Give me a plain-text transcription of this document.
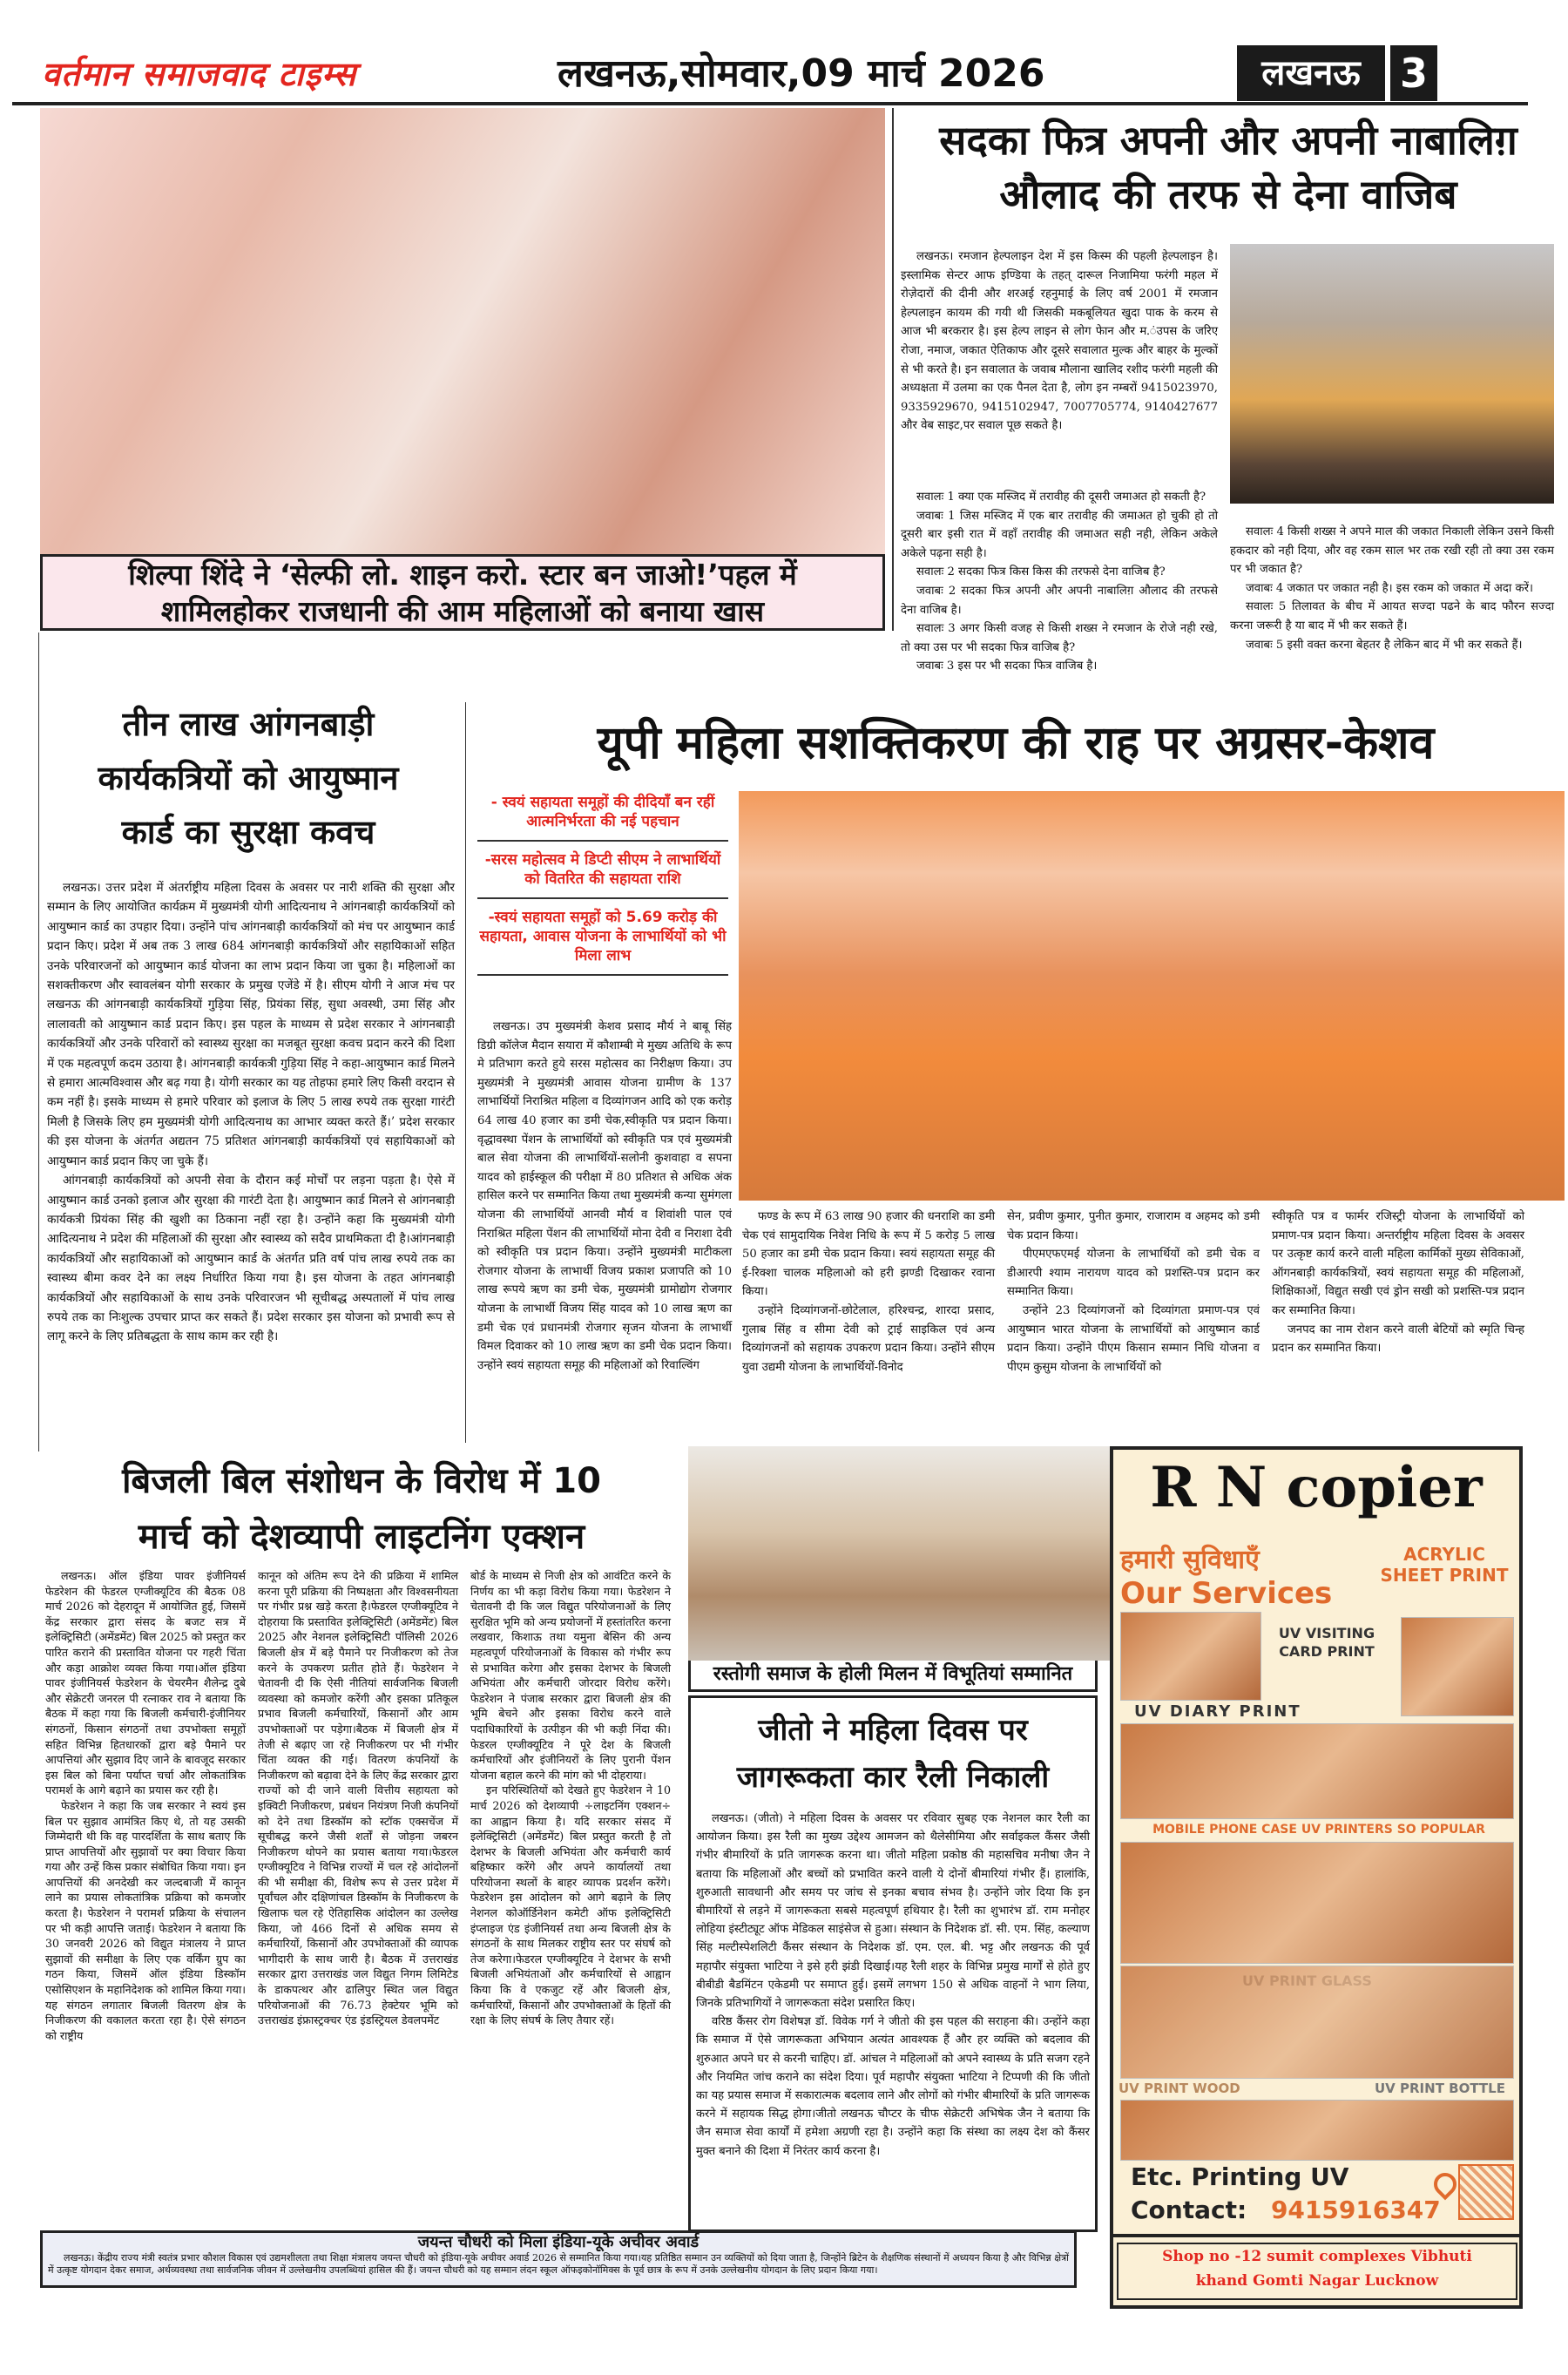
वर्तमान समाजवाद टाइम्स	लखनऊ,सोमवार,09 मार्च 2026	लखनऊ 3
शिल्पा शिंदे ने ‘सेल्फी लो. शाइन करो. स्टार बन जाओ!’पहल में
शामिलहोकर राजधानी की आम महिलाओं को बनाया खास
सदका फित्र अपनी और अपनी नाबालिग़
औलाद की तरफ से देना वाजिब

लखनऊ। रमजान हेल्पलाइन देश में इस किस्म की पहली हेल्पलाइन है। इस्लामिक सेन्टर आफ इण्डिया के तहत् दारूल निजामिया फरंगी महल में रोज़ेदारों की दीनी और शरअई रहनुमाई के लिए वर्ष 2001 में रमजान हेल्पलाइन कायम की गयी थी जिसकी मकबूलियत खुदा पाक के करम से आज भी बरकरार है। इस हेल्प लाइन से लोग फेान और म.ंउपस के जरिए रोजा, नमाज, जकात ऐतिकाफ और दूसरे सवालात मुल्क और बाहर के मुल्कों से भी करते है। इन सवालात के जवाब मौलाना खालिद रशीद फरंगी महली की अध्यक्षता में उलमा का एक पैनल देता है, लोग इन नम्बरों 9415023970, 9335929670, 9415102947, 7007705774, 9140427677 और वेब साइट,पर सवाल पूछ सकते है।

सवालः 1 क्या एक मस्जिद में तरावीह की दूसरी जमाअत हो सकती है?

जवाबः 1 जिस मस्जिद में एक बार तरावीह की जमाअत हो चुकी हो तो दूसरी बार इसी रात में वहाँ तरावीह की जमाअत सही नही, लेकिन अकेले अकेले पढ़ना सही है।

सवालः 2 सदका फित्र किस किस की तरफसे देना वाजिब है?

जवाबः 2 सदका फित्र अपनी और अपनी नाबालिग़ औलाद की तरफसे देना वाजिब है।

सवालः 3 अगर किसी वजह से किसी शख्स ने रमजान के रोजे नही रखे, तो क्या उस पर भी सदका फित्र वाजिब है?

जवाबः 3 इस पर भी सदका फित्र वाजिब है।

सवालः 4 किसी शख्स ने अपने माल की जकात निकाली लेकिन उसने किसी हकदार को नही दिया, और वह रकम साल भर तक रखी रही तो क्या उस रकम पर भी जकात है?

जवाबः 4 जकात पर जकात नही है। इस रकम को जकात में अदा करें।

सवालः 5 तिलावत के बीच में आयत सज्दा पढने के बाद फौरन सज्दा करना जरूरी है या बाद में भी कर सकते हैं।

जवाबः 5 इसी वक्त करना बेहतर है लेकिन बाद में भी कर सकते हैं।

तीन लाख आंगनबाड़ी
कार्यकत्रियों को आयुष्मान
कार्ड का सुरक्षा कवच

लखनऊ। उत्तर प्रदेश में अंतर्राष्ट्रीय महिला दिवस के अवसर पर नारी शक्ति की सुरक्षा और सम्मान के लिए आयोजित कार्यक्रम में मुख्यमंत्री योगी आदित्यनाथ ने आंगनबाड़ी कार्यकत्रियों को आयुष्मान कार्ड का उपहार दिया। उन्होंने पांच आंगनबाड़ी कार्यकत्रियों को मंच पर आयुष्मान कार्ड प्रदान किए। प्रदेश में अब तक 3 लाख 684 आंगनबाड़ी कार्यकत्रियों और सहायिकाओं सहित उनके परिवारजनों को आयुष्मान कार्ड योजना का लाभ प्रदान किया जा चुका है। महिलाओं का सशक्तीकरण और स्वावलंबन योगी सरकार के प्रमुख एजेंडे में है। सीएम योगी ने आज मंच पर लखनऊ की आंगनबाड़ी कार्यकत्रियों गुड़िया सिंह, प्रियंका सिंह, सुधा अवस्थी, उमा सिंह और लालावती को आयुष्मान कार्ड प्रदान किए। इस पहल के माध्यम से प्रदेश सरकार ने आंगनबाड़ी कार्यकत्रियों और उनके परिवारों को स्वास्थ्य सुरक्षा का मजबूत सुरक्षा कवच प्रदान करने की दिशा में एक महत्वपूर्ण कदम उठाया है। आंगनबाड़ी कार्यकत्री गुड़िया सिंह ने कहा-आयुष्मान कार्ड मिलने से हमारा आत्मविश्वास और बढ़ गया है। योगी सरकार का यह तोहफा हमारे लिए किसी वरदान से कम नहीं है। इसके माध्यम से हमारे परिवार को इलाज के लिए 5 लाख रुपये तक सुरक्षा गारंटी मिली है जिसके लिए हम मुख्यमंत्री योगी आदित्यनाथ का आभार व्यक्त करते हैं।’ प्रदेश सरकार की इस योजना के अंतर्गत अद्यतन 75 प्रतिशत आंगनबाड़ी कार्यकत्रियों एवं सहायिकाओं को आयुष्मान कार्ड प्रदान किए जा चुके हैं।

आंगनबाड़ी कार्यकत्रियों को अपनी सेवा के दौरान कई मोर्चों पर लड़ना पड़ता है। ऐसे में आयुष्मान कार्ड उनको इलाज और सुरक्षा की गारंटी देता है। आयुष्मान कार्ड मिलने से आंगनबाड़ी कार्यकत्री प्रियंका सिंह की खुशी का ठिकाना नहीं रहा है। उन्होंने कहा कि मुख्यमंत्री योगी आदित्यनाथ ने प्रदेश की महिलाओं की सुरक्षा और स्वास्थ्य को सदैव प्राथमिकता दी है।आंगनबाड़ी कार्यकत्रियों और सहायिकाओं को आयुष्मान कार्ड के अंतर्गत प्रति वर्ष पांच लाख रुपये तक का स्वास्थ्य बीमा कवर देने का लक्ष्य निर्धारित किया गया है। इस योजना के तहत आंगनबाड़ी कार्यकत्रियों और सहायिकाओं के साथ उनके परिवारजन भी सूचीबद्ध अस्पतालों में पांच लाख रुपये तक का निःशुल्क उपचार प्राप्त कर सकते हैं। प्रदेश सरकार इस योजना को प्रभावी रूप से लागू करने के लिए प्रतिबद्धता के साथ काम कर रही है।

यूपी महिला सशक्तिकरण की राह पर अग्रसर-केशव
- स्वयं सहायता समूहों की दीदियाँ बन रहीं आत्मनिर्भरता की नई पहचान
-सरस महोत्सव मे डिप्टी सीएम ने लाभार्थियों को वितरित की सहायता राशि
-स्वयं सहायता समूहों को 5.69 करोड़ की सहायता, आवास योजना के लाभार्थियों को भी मिला लाभ

लखनऊ। उप मुख्यमंत्री केशव प्रसाद मौर्य ने बाबू सिंह डिग्री कॉलेज मैदान सयारा में कौशाम्बी मे मुख्य अतिथि के रूप मे प्रतिभाग करते हुये सरस महोत्सव का निरीक्षण किया। उप मुख्यमंत्री ने मुख्यमंत्री आवास योजना ग्रामीण के 137 लाभार्थियों निराश्रित महिला व दिव्यांगजन आदि को एक करोड़ 64 लाख 40 हजार का डमी चेक,स्वीकृति पत्र प्रदान किया। वृद्धावस्था पेंशन के लाभार्थियों को स्वीकृति पत्र एवं मुख्यमंत्री बाल सेवा योजना की लाभार्थियों-सलोनी कुशवाहा व सपना यादव को हाईस्कूल की परीक्षा में 80 प्रतिशत से अधिक अंक हासिल करने पर सम्मानित किया तथा मुख्यमंत्री कन्या सुमंगला योजना की लाभार्थियों आनवी मौर्य व शिवांशी पाल एवं निराश्रित महिला पेंशन की लाभार्थियों मोना देवी व निराशा देवी को स्वीकृति पत्र प्रदान किया। उन्होंने मुख्यमंत्री माटीकला रोजगार योजना के लाभार्थी विजय प्रकाश प्रजापति को 10 लाख रूपये ऋण का डमी चेक, मुख्यमंत्री ग्रामोद्योग रोजगार योजना के लाभार्थी विजय सिंह यादव को 10 लाख ऋण का डमी चेक एवं प्रधानमंत्री रोजगार सृजन योजना के लाभार्थी विमल दिवाकर को 10 लाख ऋण का डमी चेक प्रदान किया। उन्होंने स्वयं सहायता समूह की महिलाओं को रिवाल्विंग

फण्ड के रूप में 63 लाख 90 हजार की धनराशि का डमी चेक एवं सामुदायिक निवेश निधि के रूप में 5 करोड़ 5 लाख 50 हजार का डमी चेक प्रदान किया। स्वयं सहायता समूह की ई-रिक्शा चालक महिलाओ को हरी झण्डी दिखाकर रवाना किया।

उन्होंने दिव्यांगजनों-छोटेलाल, हरिश्चन्द्र, शारदा प्रसाद, गुलाब सिंह व सीमा देवी को ट्राई साइकिल एवं अन्य दिव्यांगजनों को सहायक उपकरण प्रदान किया। उन्होंने सीएम युवा उद्यमी योजना के लाभार्थियों-विनोद

सेन, प्रवीण कुमार, पुनीत कुमार, राजाराम व अहमद को डमी चेक प्रदान किया।

पीएमएफएमई योजना के लाभार्थियों को डमी चेक व डीआरपी श्याम नारायण यादव को प्रशस्ति-पत्र प्रदान कर सम्मानित किया।

उन्होंने 23 दिव्यांगजनों को दिव्यांगता प्रमाण-पत्र एवं आयुष्मान भारत योजना के लाभार्थियों को आयुष्मान कार्ड प्रदान किया। उन्होंने पीएम किसान सम्मान निधि योजना व पीएम कुसुम योजना के लाभार्थियों को

स्वीकृति पत्र व फार्मर रजिस्ट्री योजना के लाभार्थियों को प्रमाण-पत्र प्रदान किया। अन्तर्राष्ट्रीय महिला दिवस के अवसर पर उत्कृष्ट कार्य करने वाली महिला कार्मिकों मुख्य सेविकाओं, ऑगनबाड़ी कार्यकत्रियों, स्वयं सहायता समूह की महिलाओं, शिक्षिकाओं, विद्युत सखी एवं ड्रोन सखी को प्रशस्ति-पत्र प्रदान कर सम्मानित किया।

जनपद का नाम रोशन करने वाली बेटियों को स्मृति चिन्ह प्रदान कर सम्मानित किया।

बिजली बिल संशोधन के विरोध में 10
मार्च को देशव्यापी लाइटनिंग एक्शन

लखनऊ। ऑल इंडिया पावर इंजीनियर्स फेडरेशन की फेडरल एग्जीक्यूटिव की बैठक 08 मार्च 2026 को देहरादून में आयोजित हुई, जिसमें केंद्र सरकार द्वारा संसद के बजट सत्र में इलेक्ट्रिसिटी (अमेंडमेंट) बिल 2025 को प्रस्तुत कर पारित कराने की प्रस्तावित योजना पर गहरी चिंता और कड़ा आक्रोश व्यक्त किया गया।ऑल इंडिया पावर इंजीनियर्स फेडरेशन के चेयरमैन शैलेन्द्र दुबे और सेक्रेटरी जनरल पी रत्नाकर राव ने बताया कि बैठक में कहा गया कि बिजली कर्मचारी-इंजीनियर संगठनों, किसान संगठनों तथा उपभोक्ता समूहों सहित विभिन्न हितधारकों द्वारा बड़े पैमाने पर आपत्तियां और सुझाव दिए जाने के बावजूद सरकार इस बिल को बिना पर्याप्त चर्चा और लोकतांत्रिक परामर्श के आगे बढ़ाने का प्रयास कर रही है।

फेडरेशन ने कहा कि जब सरकार ने स्वयं इस बिल पर सुझाव आमंत्रित किए थे, तो यह उसकी जिम्मेदारी थी कि वह पारदर्शिता के साथ बताए कि प्राप्त आपत्तियों और सुझावों पर क्या विचार किया गया और उन्हें किस प्रकार संबोधित किया गया। इन आपत्तियों की अनदेखी कर जल्दबाजी में कानून लाने का प्रयास लोकतांत्रिक प्रक्रिया को कमजोर करता है। फेडरेशन ने परामर्श प्रक्रिया के संचालन पर भी कड़ी आपत्ति जताई। फेडरेशन ने बताया कि 30 जनवरी 2026 को विद्युत मंत्रालय ने प्राप्त सुझावों की समीक्षा के लिए एक वर्किंग ग्रुप का गठन किया, जिसमें ऑल इंडिया डिस्कॉम एसोसिएशन के महानिदेशक को शामिल किया गया। यह संगठन लगातार बिजली वितरण क्षेत्र के निजीकरण की वकालत करता रहा है। ऐसे संगठन को राष्ट्रीय

कानून को अंतिम रूप देने की प्रक्रिया में शामिल करना पूरी प्रक्रिया की निष्पक्षता और विश्वसनीयता पर गंभीर प्रश्न खड़े करता है।फेडरल एग्जीक्यूटिव ने दोहराया कि प्रस्तावित इलेक्ट्रिसिटी (अमेंडमेंट) बिल 2025 और नेशनल इलेक्ट्रिसिटी पॉलिसी 2026 बिजली क्षेत्र में बड़े पैमाने पर निजीकरण को तेज करने के उपकरण प्रतीत होते हैं। फेडरेशन ने चेतावनी दी कि ऐसी नीतियां सार्वजनिक बिजली व्यवस्था को कमजोर करेंगी और इसका प्रतिकूल प्रभाव बिजली कर्मचारियों, किसानों और आम उपभोक्ताओं पर पड़ेगा।बैठक में बिजली क्षेत्र में तेजी से बढ़ाए जा रहे निजीकरण पर भी गंभीर चिंता व्यक्त की गई। वितरण कंपनियों के निजीकरण को बढ़ावा देने के लिए केंद्र सरकार द्वारा राज्यों को दी जाने वाली वित्तीय सहायता को इक्विटी निजीकरण, प्रबंधन नियंत्रण निजी कंपनियों को देने तथा डिस्कॉम को स्टॉक एक्सचेंज में सूचीबद्ध करने जैसी शर्तों से जोड़ना जबरन निजीकरण थोपने का प्रयास बताया गया।फेडरल एग्जीक्यूटिव ने विभिन्न राज्यों में चल रहे आंदोलनों की भी समीक्षा की, विशेष रूप से उत्तर प्रदेश में पूर्वांचल और दक्षिणांचल डिस्कॉम के निजीकरण के खिलाफ चल रहे ऐतिहासिक आंदोलन का उल्लेख किया, जो 466 दिनों से अधिक समय से कर्मचारियों, किसानों और उपभोक्ताओं की व्यापक भागीदारी के साथ जारी है। बैठक में उत्तराखंड सरकार द्वारा उत्तराखंड जल विद्युत निगम लिमिटेड के डाकपत्थर और ढालिपुर स्थित जल विद्युत परियोजनाओं की 76.73 हेक्टेयर भूमि को उत्तराखंड इंफ्रास्ट्रक्चर एंड इंडस्ट्रियल डेवलपमेंट

बोर्ड के माध्यम से निजी क्षेत्र को आवंटित करने के निर्णय का भी कड़ा विरोध किया गया। फेडरेशन ने चेतावनी दी कि जल विद्युत परियोजनाओं के लिए सुरक्षित भूमि को अन्य प्रयोजनों में हस्तांतरित करना लखवार, किशाऊ तथा यमुना बेसिन की अन्य महत्वपूर्ण परियोजनाओं के विकास को गंभीर रूप से प्रभावित करेगा और इसका देशभर के बिजली अभियंता और कर्मचारी जोरदार विरोध करेंगे।फेडरेशन ने पंजाब सरकार द्वारा बिजली क्षेत्र की भूमि बेचने और इसका विरोध करने वाले पदाधिकारियों के उत्पीड़न की भी कड़ी निंदा की।फेडरल एग्जीक्यूटिव ने पूरे देश के बिजली कर्मचारियों और इंजीनियरों के लिए पुरानी पेंशन योजना बहाल करने की मांग को भी दोहराया।

इन परिस्थितियों को देखते हुए फेडरेशन ने 10 मार्च 2026 को देशव्यापी ÷लाइटनिंग एक्शन÷ का आह्वान किया है। यदि सरकार संसद में इलेक्ट्रिसिटी (अमेंडमेंट) बिल प्रस्तुत करती है तो देशभर के बिजली अभियंता और कर्मचारी कार्य बहिष्कार करेंगे और अपने कार्यालयों तथा परियोजना स्थलों के बाहर व्यापक प्रदर्शन करेंगे।फेडरेशन इस आंदोलन को आगे बढ़ाने के लिए नेशनल कोऑर्डिनेशन कमेटी ऑफ इलेक्ट्रिसिटी इंप्लाइज एंड इंजीनियर्स तथा अन्य बिजली क्षेत्र के संगठनों के साथ मिलकर राष्ट्रीय स्तर पर संघर्ष को तेज करेगा।फेडरल एग्जीक्यूटिव ने देशभर के सभी बिजली अभियंताओं और कर्मचारियों से आह्वान किया कि वे एकजुट रहें और बिजली क्षेत्र, कर्मचारियों, किसानों और उपभोक्ताओं के हितों की रक्षा के लिए संघर्ष के लिए तैयार रहें।

रस्तोगी समाज के होली मिलन में विभूतियां सम्मानित
जीतो ने महिला दिवस पर
जागरूकता कार रैली निकाली

लखनऊ। (जीतो) ने महिला दिवस के अवसर पर रविवार सुबह एक नेशनल कार रैली का आयोजन किया। इस रैली का मुख्य उद्देश्य आमजन को थैलेसीमिया और सर्वाइकल कैंसर जैसी गंभीर बीमारियों के प्रति जागरूक करना था। जीतो महिला प्रकोष्ठ की महासचिव मनीषा जैन ने बताया कि महिलाओं और बच्चों को प्रभावित करने वाली ये दोनों बीमारियां गंभीर हैं। हालांकि, शुरुआती सावधानी और समय पर जांच से इनका बचाव संभव है। उन्होंने जोर दिया कि इन बीमारियों से लड़ने में जागरूकता सबसे महत्वपूर्ण हथियार है। रैली का शुभारंभ डॉ. राम मनोहर लोहिया इंस्टीट्यूट ऑफ मेडिकल साइंसेज से हुआ। संस्थान के निदेशक डॉ. सी. एम. सिंह, कल्याण सिंह मल्टीस्पेशलिटी कैंसर संस्थान के निदेशक डॉ. एम. एल. बी. भट्ट और लखनऊ की पूर्व महापौर संयुक्ता भाटिया ने इसे हरी झंडी दिखाई।यह रैली शहर के विभिन्न प्रमुख मार्गों से होते हुए बीबीडी बैडमिंटन एकेडमी पर समाप्त हुई। इसमें लगभग 150 से अधिक वाहनों ने भाग लिया, जिनके प्रतिभागियों ने जागरूकता संदेश प्रसारित किए।

वरिष्ठ कैंसर रोग विशेषज्ञ डॉ. विवेक गर्ग ने जीतो की इस पहल की सराहना की। उन्होंने कहा कि समाज में ऐसे जागरूकता अभियान अत्यंत आवश्यक हैं और हर व्यक्ति को बदलाव की शुरुआत अपने घर से करनी चाहिए। डॉ. आंचल ने महिलाओं को अपने स्वास्थ्य के प्रति सजग रहने और नियमित जांच कराने का संदेश दिया। पूर्व महापौर संयुक्ता भाटिया ने टिप्पणी की कि जीतो का यह प्रयास समाज में सकारात्मक बदलाव लाने और लोगों को गंभीर बीमारियों के प्रति जागरूक करने में सहायक सिद्ध होगा।जीतो लखनऊ चौप्टर के चीफ सेक्रेटरी अभिषेक जैन ने बताया कि जैन समाज सेवा कार्यों में हमेशा अग्रणी रहा है। उन्होंने कहा कि संस्था का लक्ष्य देश को कैंसर मुक्त बनाने की दिशा में निरंतर कार्य करना है।

जयन्त चौधरी को मिला इंडिया-यूके अचीवर अवार्ड

लखनऊ। केंद्रीय राज्य मंत्री स्वतंत्र प्रभार कौशल विकास एवं उद्यमशीलता तथा शिक्षा मंत्रालय जयन्त चौधरी को इंडिया-यूके अचीवर अवार्ड 2026 से सम्मानित किया गया।यह प्रतिष्ठित सम्मान उन व्यक्तियों को दिया जाता है, जिन्होंने ब्रिटेन के शैक्षणिक संस्थानों में अध्ययन किया है और विभिन्न क्षेत्रों में उत्कृष्ट योगदान देकर समाज, अर्थव्यवस्था तथा सार्वजनिक जीवन में उल्लेखनीय उपलब्धियां हासिल की हैं। जयन्त चौधरी को यह सम्मान लंदन स्कूल ऑफइकोनॉमिक्स के पूर्व छात्र के रूप में उनके उल्लेखनीय योगदान के लिए प्रदान किया गया।

R N copier
हमारी सुविधाएँ
Our Services
ACRYLIC SHEET PRINT
UV VISITING CARD PRINT
UV DIARY PRINT
MOBILE PHONE CASE UV PRINTERS SO POPULAR
UV PRINT WOOD	UV PRINT BOTTLE
Etc. Printing UV
Contact: 9415916347
Shop no -12 sumit complexes Vibhuti
khand Gomti Nagar Lucknow
